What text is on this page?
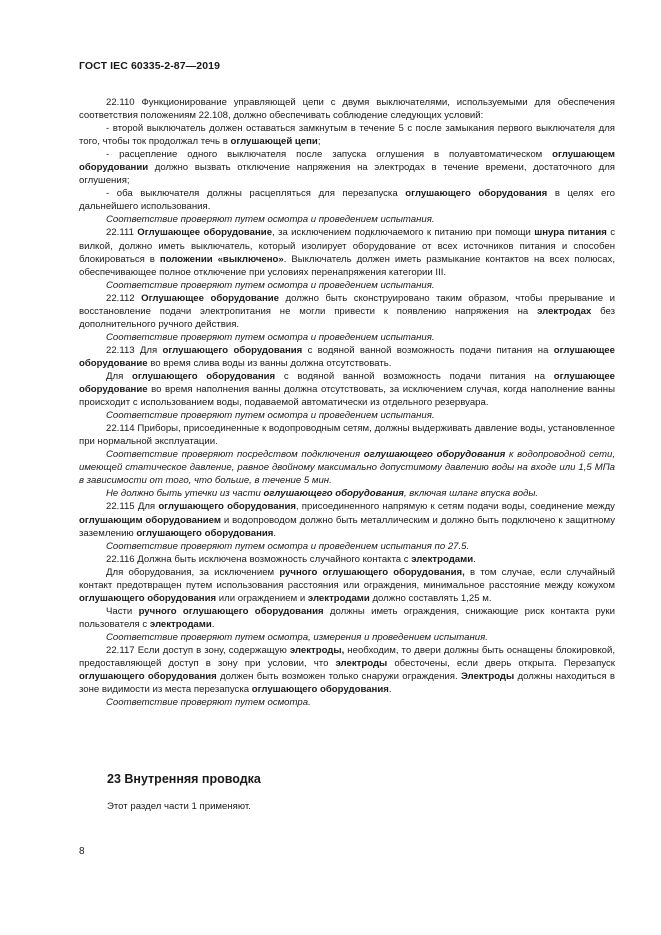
ГОСТ IEC 60335-2-87—2019

22.110 Функционирование управляющей цепи с двумя выключателями, используемыми для обеспечения соответствия положениям 22.108, должно обеспечивать соблюдение следующих условий:

- второй выключатель должен оставаться замкнутым в течение 5 с после замыкания первого выключателя для того, чтобы ток продолжал течь в оглушающей цепи;

- расцепление одного выключателя после запуска оглушения в полуавтоматическом оглушающем оборудовании должно вызвать отключение напряжения на электродах в течение времени, достаточного для оглушения;

- оба выключателя должны расцепляться для перезапуска оглушающего оборудования в целях его дальнейшего использования.

Соответствие проверяют путем осмотра и проведением испытания.

22.111 Оглушающее оборудование, за исключением подключаемого к питанию при помощи шнура питания с вилкой, должно иметь выключатель, который изолирует оборудование от всех источников питания и способен блокироваться в положении «выключено». Выключатель должен иметь размыкание контактов на всех полюсах, обеспечивающее полное отключение при условиях перенапряжения категории III.

Соответствие проверяют путем осмотра и проведением испытания.

22.112 Оглушающее оборудование должно быть сконструировано таким образом, чтобы прерывание и восстановление подачи электропитания не могли привести к появлению напряжения на электродах без дополнительного ручного действия.

Соответствие проверяют путем осмотра и проведением испытания.

22.113 Для оглушающего оборудования с водяной ванной возможность подачи питания на оглушающее оборудование во время слива воды из ванны должна отсутствовать.

Для оглушающего оборудования с водяной ванной возможность подачи питания на оглушающее оборудование во время наполнения ванны должна отсутствовать, за исключением случая, когда наполнение ванны происходит с использованием воды, подаваемой автоматически из отдельного резервуара.

Соответствие проверяют путем осмотра и проведением испытания.

22.114 Приборы, присоединенные к водопроводным сетям, должны выдерживать давление воды, установленное при нормальной эксплуатации.

Соответствие проверяют посредством подключения оглушающего оборудования к водопроводной сети, имеющей статическое давление, равное двойному максимально допустимому давлению воды на входе или 1,5 МПа в зависимости от того, что больше, в течение 5 мин.

Не должно быть утечки из части оглушающего оборудования, включая шланг впуска воды.

22.115 Для оглушающего оборудования, присоединенного напрямую к сетям подачи воды, соединение между оглушающим оборудованием и водопроводом должно быть металлическим и должно быть подключено к защитному заземлению оглушающего оборудования.

Соответствие проверяют путем осмотра и проведением испытания по 27.5.

22.116 Должна быть исключена возможность случайного контакта с электродами.

Для оборудования, за исключением ручного оглушающего оборудования, в том случае, если случайный контакт предотвращен путем использования расстояния или ограждения, минимальное расстояние между кожухом оглушающего оборудования или ограждением и электродами должно составлять 1,25 м.

Части ручного оглушающего оборудования должны иметь ограждения, снижающие риск контакта руки пользователя с электродами.

Соответствие проверяют путем осмотра, измерения и проведением испытания.

22.117 Если доступ в зону, содержащую электроды, необходим, то двери должны быть оснащены блокировкой, предоставляющей доступ в зону при условии, что электроды обесточены, если дверь открыта. Перезапуск оглушающего оборудования должен быть возможен только снаружи ограждения. Электроды должны находиться в зоне видимости из места перезапуска оглушающего оборудования.

Соответствие проверяют путем осмотра.

23 Внутренняя проводка
Этот раздел части 1 применяют.
8
